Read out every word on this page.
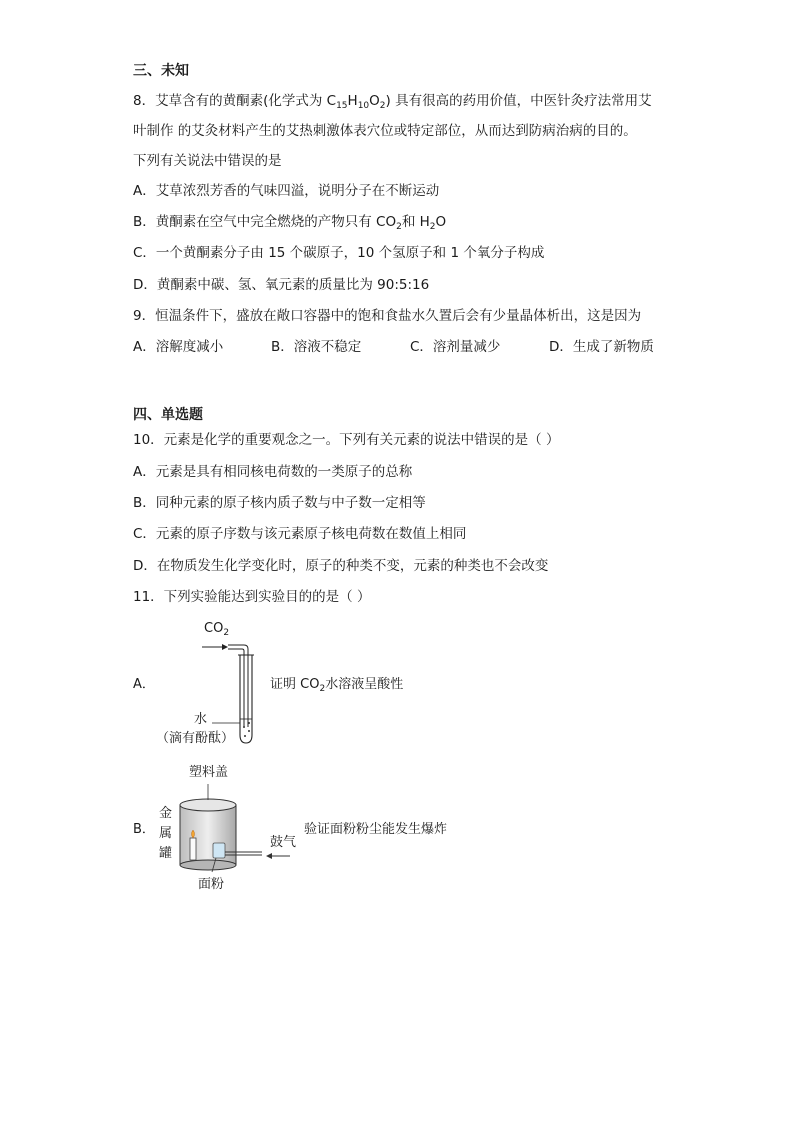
三、未知
8．艾草含有的黄酮素(化学式为 $C_{15}H_{10}O_2$) 具有很高的药用价值，中医针灸疗法常用艾
叶制作 的艾灸材料产生的艾热刺激体表穴位或特定部位，从而达到防病治病的目的。
下列有关说法中错误的是
A．艾草浓烈芳香的气味四溢，说明分子在不断运动
B．黄酮素在空气中完全燃烧的产物只有 $CO_2$和 $H_2O$
C．一个黄酮素分子由 15 个碳原子，10 个氢原子和 1 个氧分子构成
D．黄酮素中碳、氢、氧元素的质量比为 90:5:16
9．恒温条件下，盛放在敞口容器中的饱和食盐水久置后会有少量晶体析出，这是因为
A．溶解度减小	B．溶液不稳定	C．溶剂量减少	D．生成了新物质
四、单选题
10．元素是化学的重要观念之一。下列有关元素的说法中错误的是（ ）
A．元素是具有相同核电荷数的一类原子的总称
B．同种元素的原子核内质子数与中子数一定相等
C．元素的原子序数与该元素原子核电荷数在数值上相同
D．在物质发生化学变化时，原子的种类不变，元素的种类也不会改变
11．下列实验能达到实验目的的是（ ）
A．
$CO_2$
水
（滴有酚酞）
证明 $CO_2$水溶液呈酸性
B．
塑料盖
金
属
罐
鼓气
面粉
验证面粉粉尘能发生爆炸
